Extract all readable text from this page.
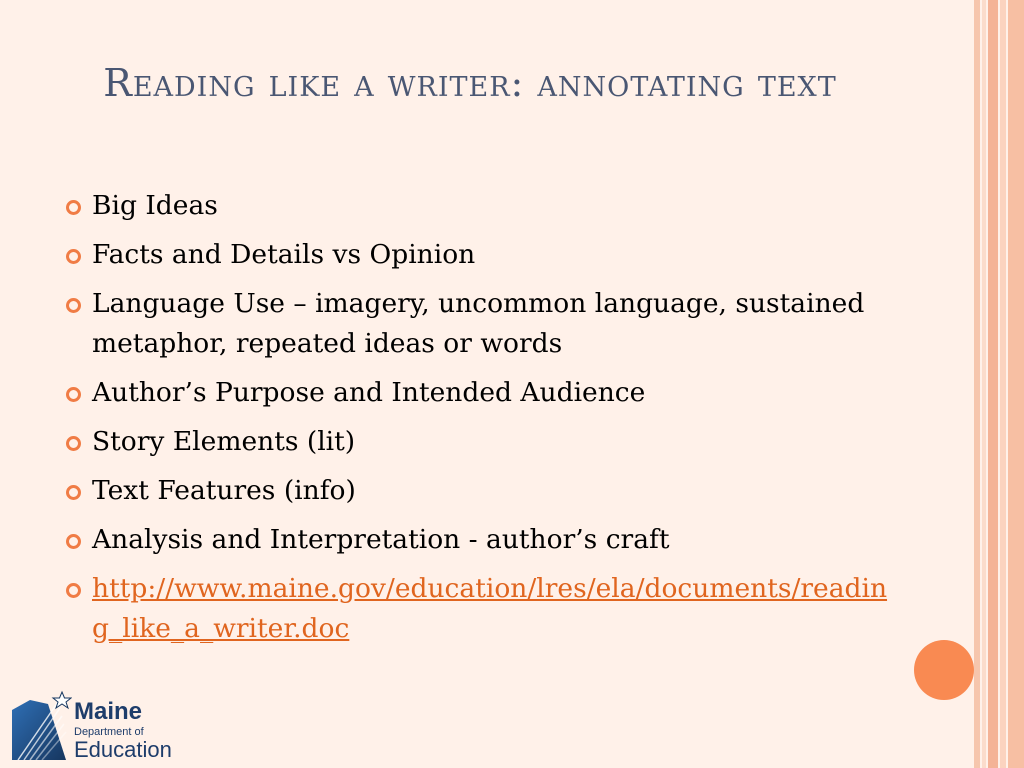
Reading like a writer: annotating text
Big Ideas
Facts and Details vs Opinion
Language Use – imagery, uncommon language, sustained metaphor, repeated ideas or words
Author’s Purpose and Intended Audience
Story Elements (lit)
Text Features (info)
Analysis and Interpretation - author’s craft
http://www.maine.gov/education/lres/ela/documents/reading_like_a_writer.doc
Maine
Department of
Education
